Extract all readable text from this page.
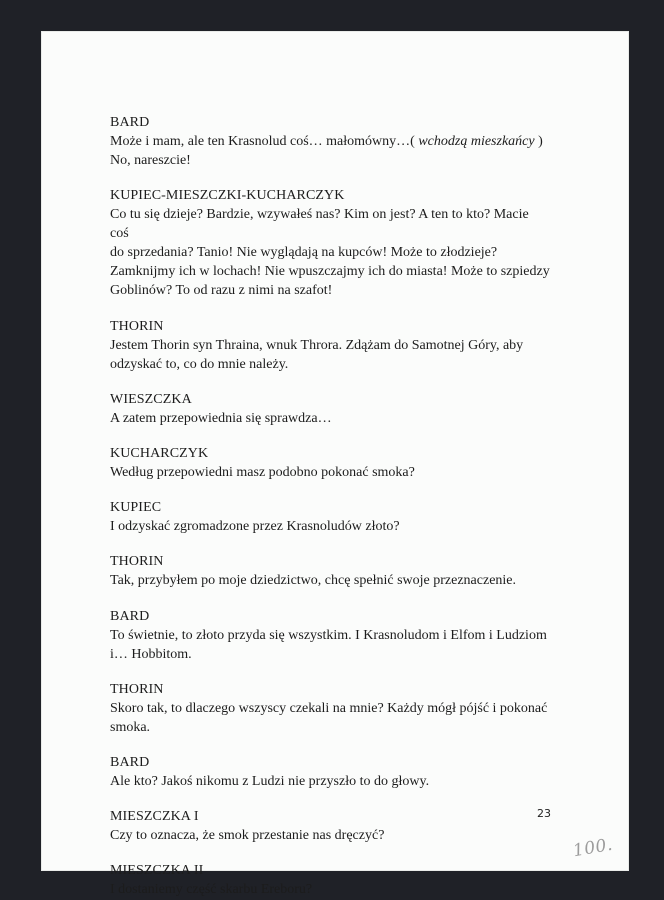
BARD
Może i mam, ale ten Krasnolud coś… małomówny…( wchodzą mieszkańcy )
No, nareszcie!
KUPIEC-MIESZCZKI-KUCHARCZYK
Co tu się dzieje? Bardzie, wzywałeś nas? Kim on jest? A ten to kto? Macie coś
do sprzedania? Tanio! Nie wyglądają na kupców! Może to złodzieje?
Zamknijmy ich w lochach! Nie wpuszczajmy ich do miasta! Może to szpiedzy
Goblinów? To od razu z nimi na szafot!
THORIN
Jestem Thorin syn Thraina, wnuk Throra. Zdążam do Samotnej Góry, aby
odzyskać to, co do mnie należy.
WIESZCZKA
A zatem przepowiednia się sprawdza…
KUCHARCZYK
Według przepowiedni masz podobno pokonać smoka?
KUPIEC
I odzyskać zgromadzone przez Krasnoludów złoto?
THORIN
Tak, przybyłem po moje dziedzictwo, chcę spełnić swoje przeznaczenie.
BARD
To świetnie, to złoto przyda się wszystkim. I Krasnoludom i Elfom i Ludziom
i… Hobbitom.
THORIN
Skoro tak, to dlaczego wszyscy czekali na mnie? Każdy mógł pójść i pokonać
smoka.
BARD
Ale kto? Jakoś nikomu z Ludzi nie przyszło to do głowy.
MIESZCZKA I
Czy to oznacza, że smok przestanie nas dręczyć?
MIESZCZKA II
I dostaniemy część skarbu Ereboru?
23
100.
